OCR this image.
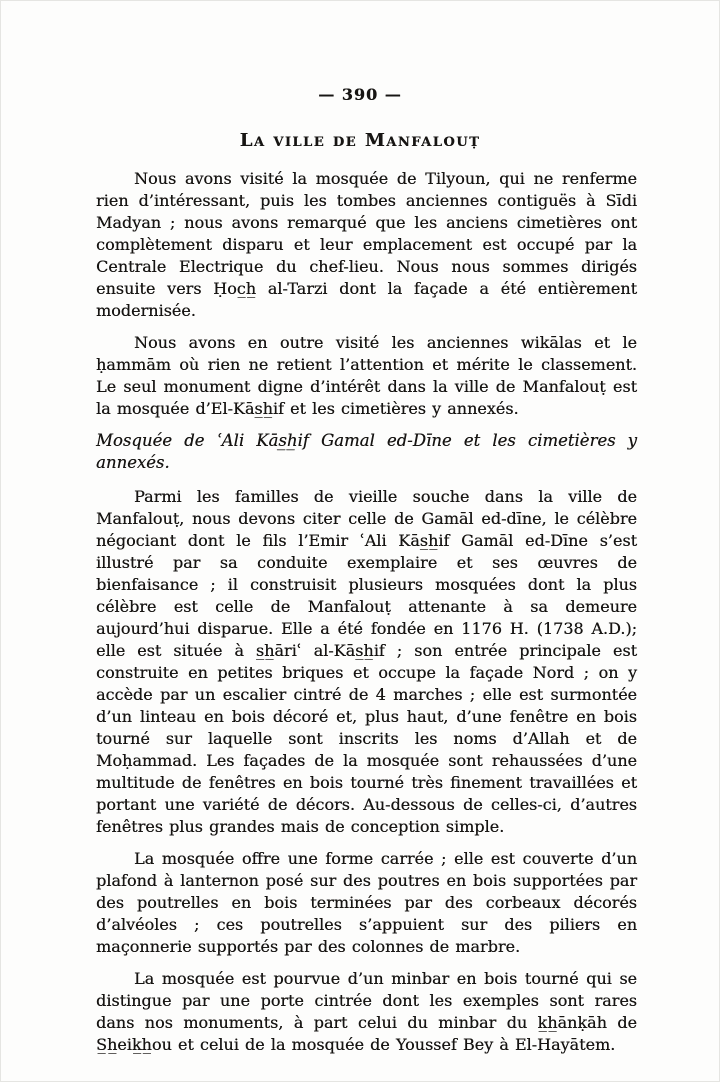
— 390 —
La ville de Manfalouṭ

Nous avons visité la mosquée de Tilyoun, qui ne renferme rien d’intéressant, puis les tombes anciennes contiguës à Sīdi Madyan ; nous avons remarqué que les anciens cimetières ont complètement disparu et leur emplacement est occupé par la Centrale Electrique du chef-lieu. Nous nous sommes dirigés ensuite vers Ḥoc̲h̲ al-Tarzi dont la façade a été entièrement modernisée.

Nous avons en outre visité les anciennes wikālas et le ḥammām où rien ne retient l’attention et mérite le classement. Le seul monument digne d’intérêt dans la ville de Manfalouṭ est la mosquée d’El-Kās̲h̲if et les cimetières y annexés.

Mosquée de ʿAli Kās̲h̲if Gamal ed-Dīne et les cimetières y annexés.

Parmi les familles de vieille souche dans la ville de Manfalouṭ, nous devons citer celle de Gamāl ed-dīne, le célèbre négociant dont le fils l’Emir ʿAli Kās̲h̲if Gamāl ed-Dīne s’est illustré par sa conduite exemplaire et ses œuvres de bienfaisance ; il construisit plusieurs mosquées dont la plus célèbre est celle de Manfalouṭ attenante à sa demeure aujourd’hui disparue. Elle a été fondée en 1176 H. (1738 A.D.); elle est située à s̲h̲āriʿ al-Kās̲h̲if ; son entrée principale est construite en petites briques et occupe la façade Nord ; on y accède par un escalier cintré de 4 marches ; elle est surmontée d’un linteau en bois décoré et, plus haut, d’une fenêtre en bois tourné sur laquelle sont inscrits les noms d’Allah et de Moḥammad. Les façades de la mosquée sont rehaussées d’une multitude de fenêtres en bois tourné très finement travaillées et portant une variété de décors. Au-dessous de celles-ci, d’autres fenêtres plus grandes mais de conception simple.

La mosquée offre une forme carrée ; elle est couverte d’un plafond à lanternon posé sur des poutres en bois supportées par des poutrelles en bois terminées par des corbeaux décorés d’alvéoles ; ces poutrelles s’appuient sur des piliers en maçonnerie supportés par des colonnes de marbre.

La mosquée est pourvue d’un minbar en bois tourné qui se distingue par une porte cintrée dont les exemples sont rares dans nos monuments, à part celui du minbar du k̲h̲ānḳāh de S̲h̲eik̲h̲ou et celui de la mosquée de Youssef Bey à El-Hayātem.
